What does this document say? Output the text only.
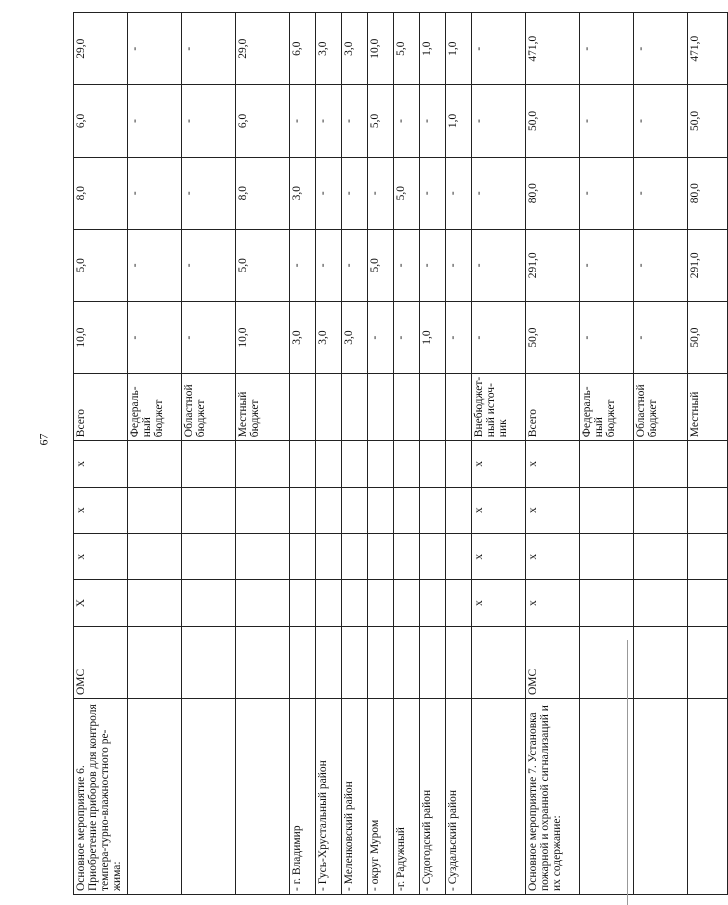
67
Основное мероприятие 6. Приобретение приборов для контроля темпера-турно-влажностного ре-жима:	ОМС	Х	х	х	х	Всего	10,0	5,0	8,0	6,0	29,0
						Федераль-ный бюджет	-	-	-	-	-
						Областной бюджет	-	-	-	-	-
						Местный бюджет	10,0	5,0	8,0	6,0	29,0
- г. Владимир							3,0	-	3,0	-	6,0
- Гусь-Хрустальный район							3,0	-	-	-	3,0
- Меленковский район							3,0	-	-	-	3,0
- округ Муром							-	5,0	-	5,0	10,0
-г. Радужный							-	-	5,0	-	5,0
- Судогодский район							1,0	-	-	-	1,0
- Суздальский район							-	-	-	1,0	1,0
		х	х	х	х	Внебюджет-ный источ-ник	-	-	-	-	-
Основное мероприятие 7. Установка пожарной и охранной сигнализаций и их содержание:	ОМС	х	х	х	х	Всего	50,0	291,0	80,0	50,0	471,0
						Федераль-ный бюджет	-	-	-	-	-
						Областной бюджет	-	-	-	-	-
						Местный	50,0	291,0	80,0	50,0	471,0
